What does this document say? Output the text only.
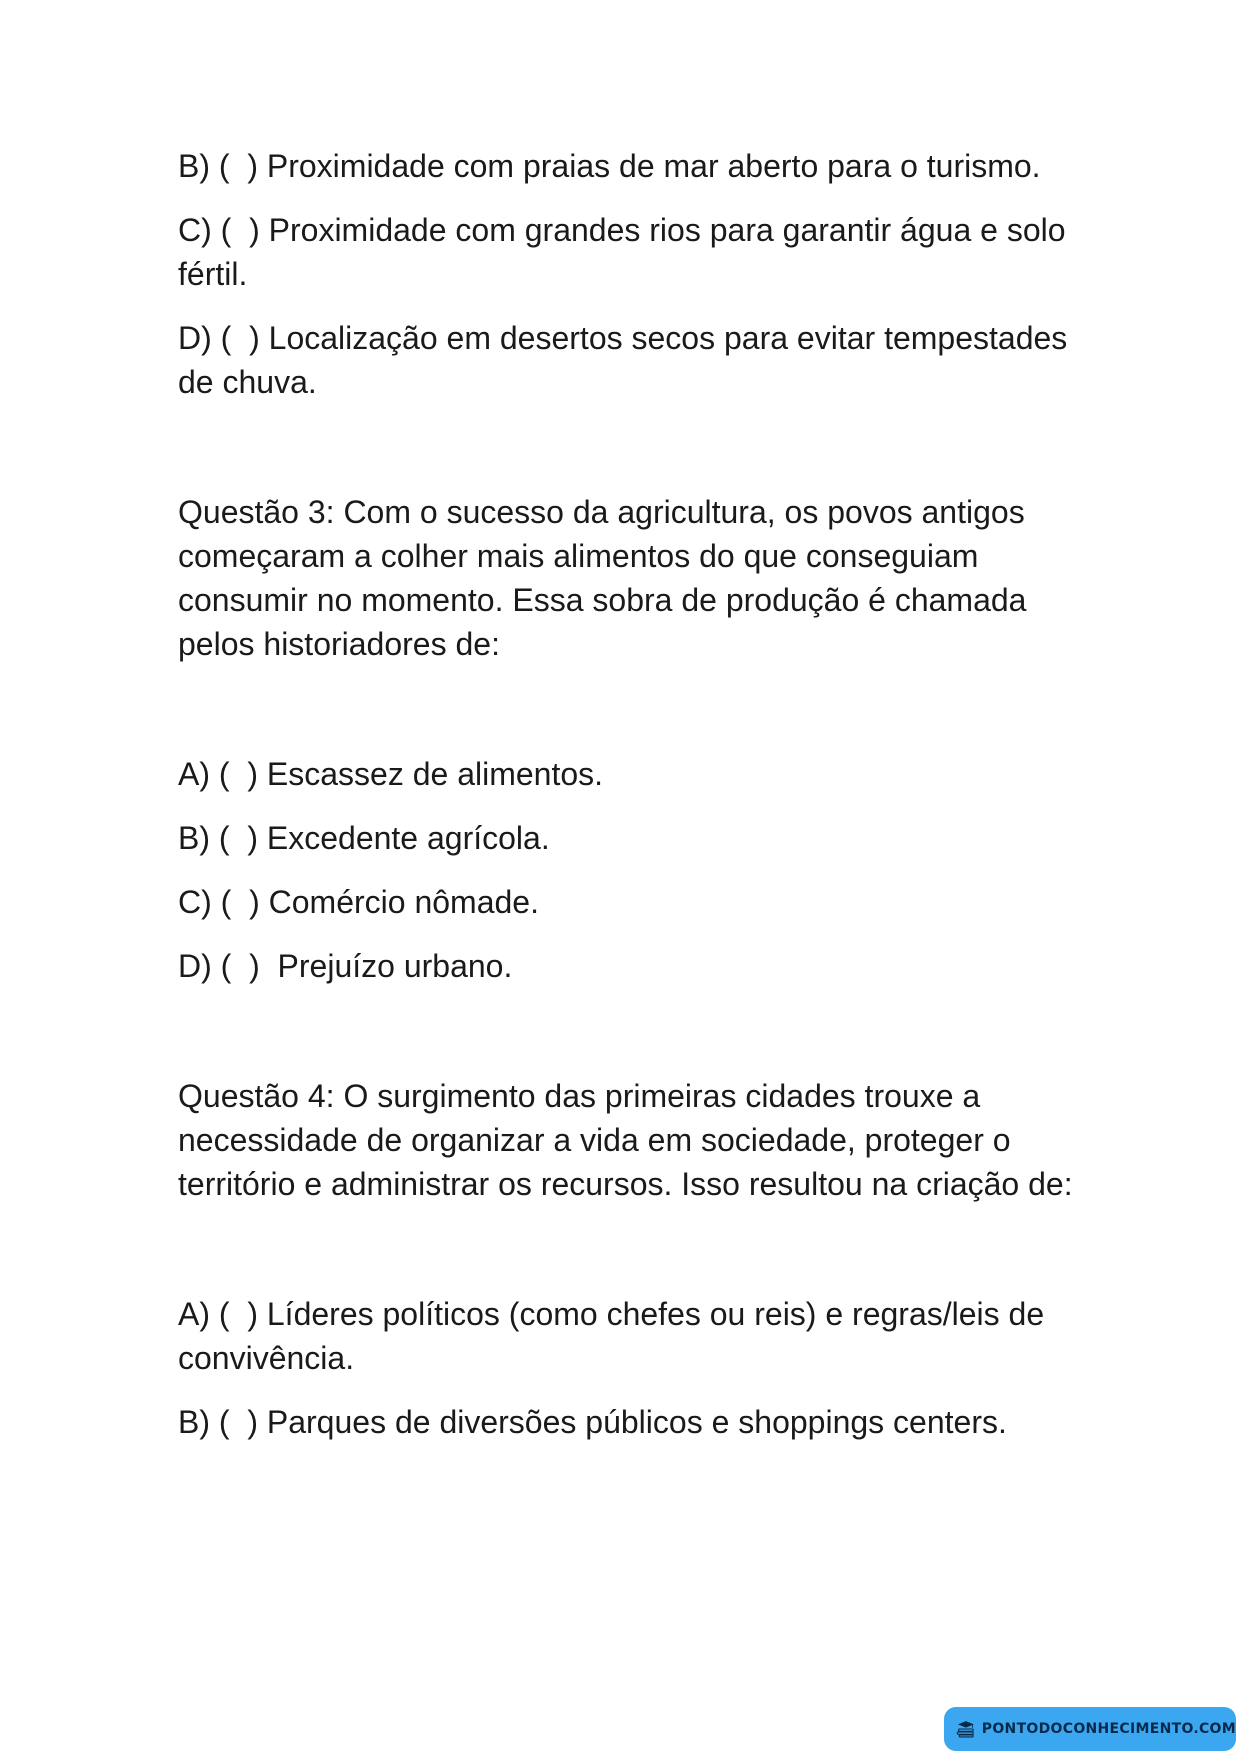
B) (  ) Proximidade com praias de mar aberto para o turismo.

C) (  ) Proximidade com grandes rios para garantir água e solo fértil.

D) (  ) Localização em desertos secos para evitar tempestades de chuva.

Questão 3: Com o sucesso da agricultura, os povos antigos começaram a colher mais alimentos do que conseguiam consumir no momento. Essa sobra de produção é chamada pelos historiadores de:

A) (  ) Escassez de alimentos.

B) (  ) Excedente agrícola.

C) (  ) Comércio nômade.

D) (  )  Prejuízo urbano.

Questão 4: O surgimento das primeiras cidades trouxe a necessidade de organizar a vida em sociedade, proteger o território e administrar os recursos. Isso resultou na criação de:

A) (  ) Líderes políticos (como chefes ou reis) e regras/leis de convivência.

B) (  ) Parques de diversões públicos e shoppings centers.

PONTODOCONHECIMENTO.COM
